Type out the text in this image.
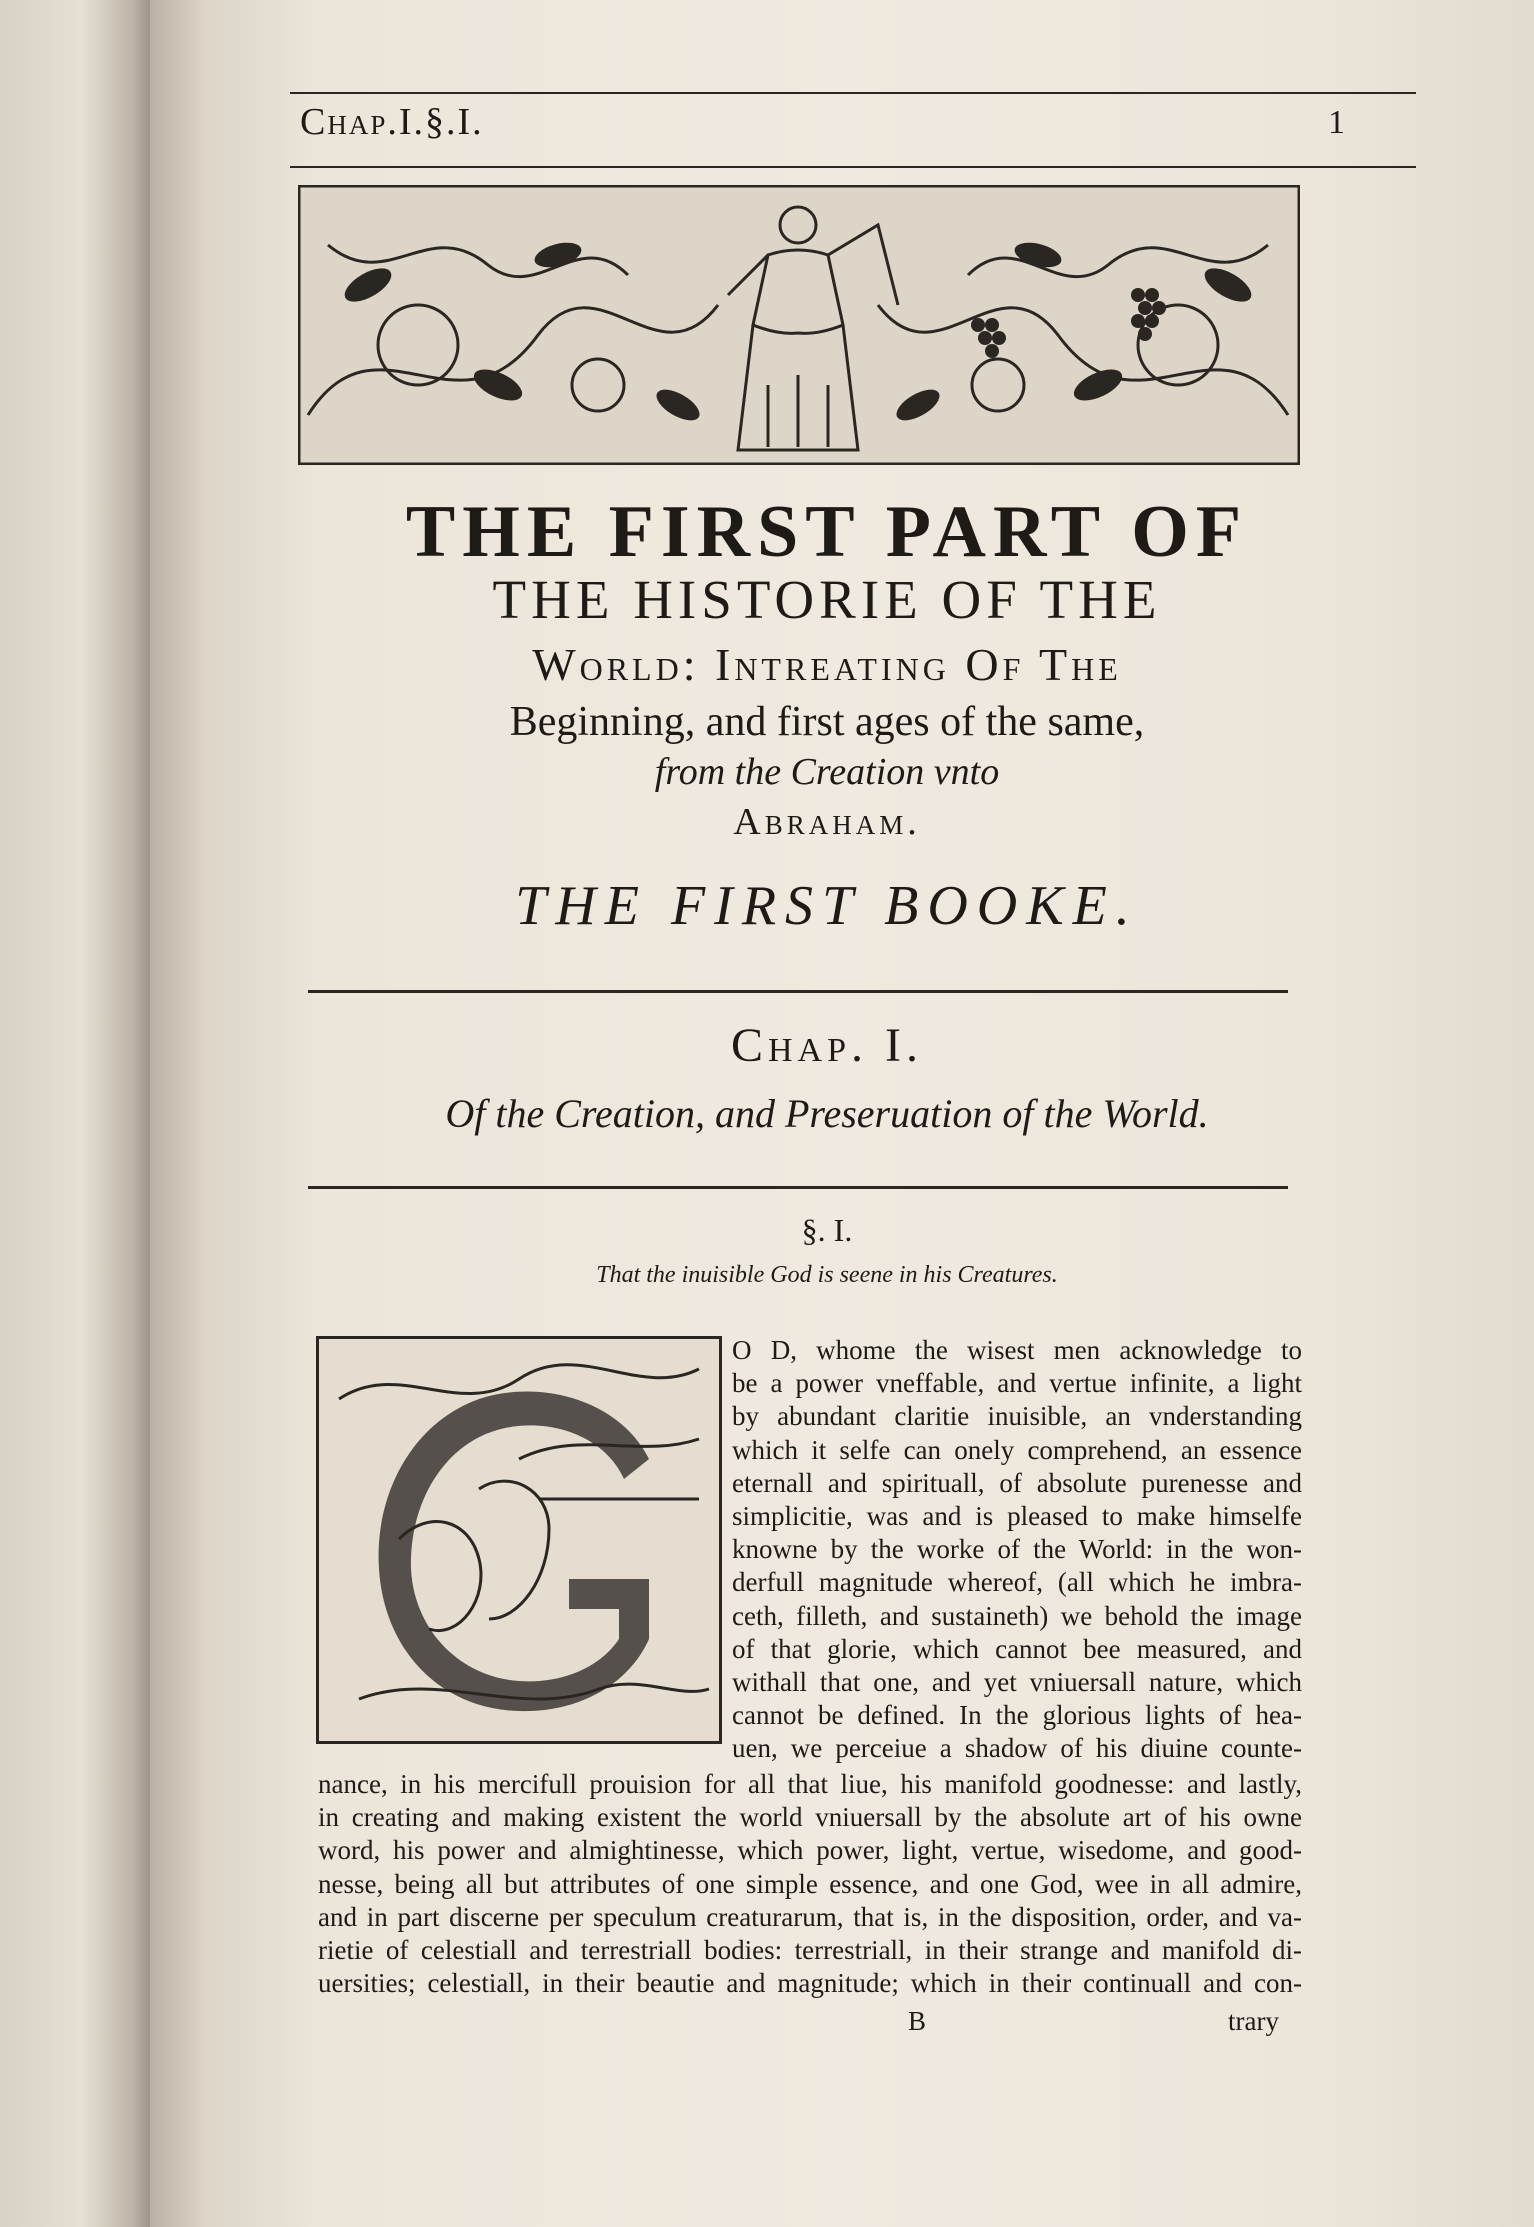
Chap.I.§.I.	1
THE FIRST PART OF
THE HISTORIE OF THE
World: Intreating Of The
Beginning, and first ages of the same,
from the Creation vnto
Abraham.
THE FIRST BOOKE.
Chap. I.
Of the Creation, and Preseruation of the World.
§. I.
That the inuisible God is seene in his Creatures.
G
O D, whome the wisest men acknowledge to
be a power vneffable, and vertue infinite, a light
by abundant claritie inuisible, an vnderstanding
which it selfe can onely comprehend, an essence
eternall and spirituall, of absolute purenesse and
simplicitie, was and is pleased to make himselfe
knowne by the worke of the World: in the won-
derfull magnitude whereof, (all which he imbra-
ceth, filleth, and sustaineth) we behold the image
of that glorie, which cannot bee measured, and
withall that one, and yet vniuersall nature, which
cannot be defined. In the glorious lights of hea-
uen, we perceiue a shadow of his diuine counte-
nance, in his mercifull prouision for all that liue, his manifold goodnesse: and lastly,
in creating and making existent the world vniuersall by the absolute art of his owne
word, his power and almightinesse, which power, light, vertue, wisedome, and good-
nesse, being all but attributes of one simple essence, and one God, wee in all admire,
and in part discerne per speculum creaturarum, that is, in the disposition, order, and va-
rietie of celestiall and terrestriall bodies: terrestriall, in their strange and manifold di-
uersities; celestiall, in their beautie and magnitude; which in their continuall and con-
B	trary
